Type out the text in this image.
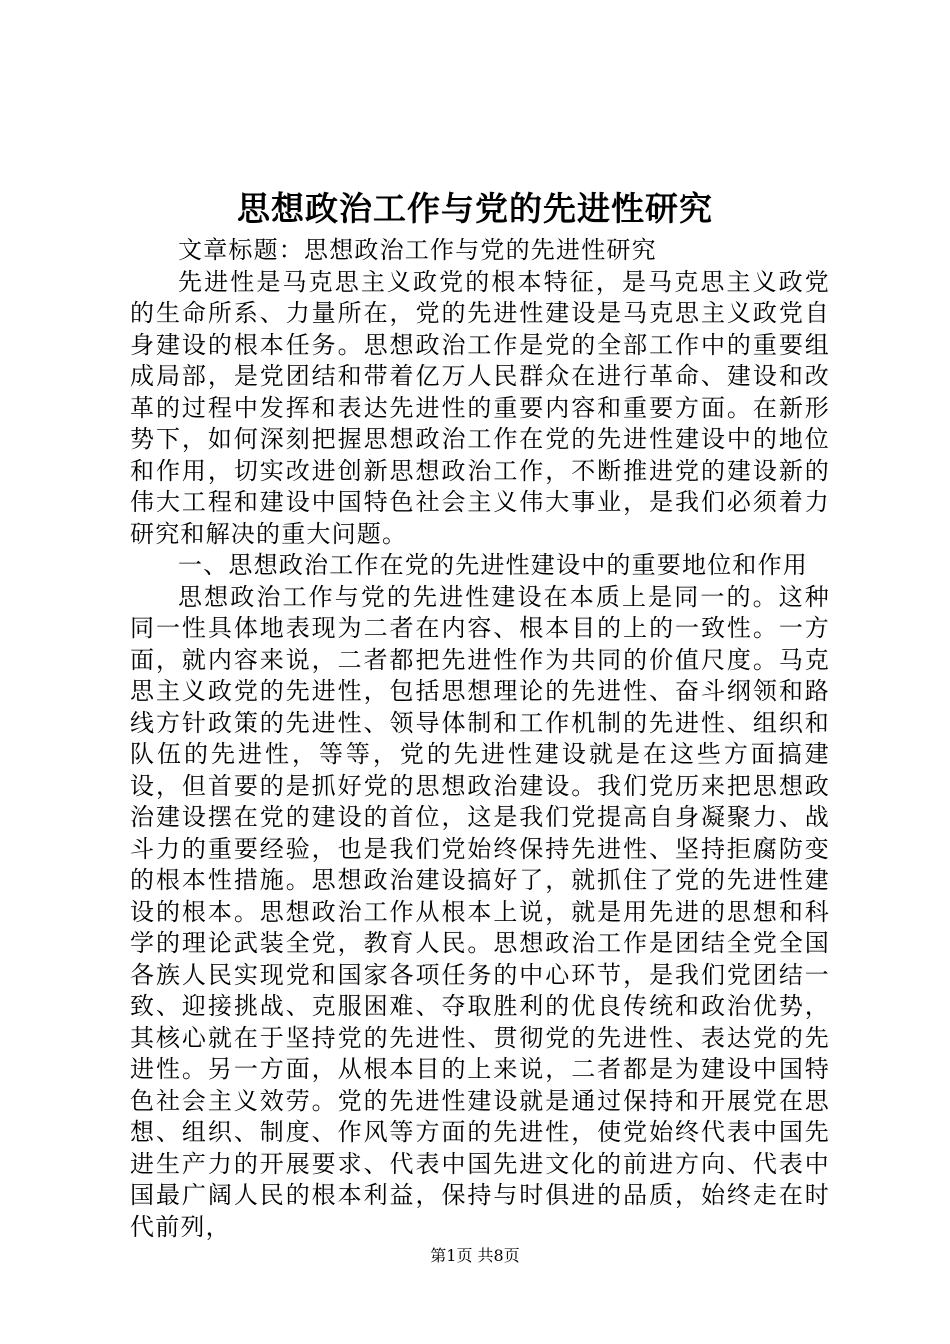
思想政治工作与党的先进性研究

文章标题：思想政治工作与党的先进性研究

先进性是马克思主义政党的根本特征，是马克思主义政党的生命所系、力量所在，党的先进性建设是马克思主义政党自身建设的根本任务。思想政治工作是党的全部工作中的重要组成局部，是党团结和带着亿万人民群众在进行革命、建设和改革的过程中发挥和表达先进性的重要内容和重要方面。在新形势下，如何深刻把握思想政治工作在党的先进性建设中的地位和作用，切实改进创新思想政治工作，不断推进党的建设新的伟大工程和建设中国特色社会主义伟大事业，是我们必须着力研究和解决的重大问题。

一、思想政治工作在党的先进性建设中的重要地位和作用

思想政治工作与党的先进性建设在本质上是同一的。这种同一性具体地表现为二者在内容、根本目的上的一致性。一方面，就内容来说，二者都把先进性作为共同的价值尺度。马克思主义政党的先进性，包括思想理论的先进性、奋斗纲领和路线方针政策的先进性、领导体制和工作机制的先进性、组织和队伍的先进性，等等，党的先进性建设就是在这些方面搞建设，但首要的是抓好党的思想政治建设。我们党历来把思想政治建设摆在党的建设的首位，这是我们党提高自身凝聚力、战斗力的重要经验，也是我们党始终保持先进性、坚持拒腐防变的根本性措施。思想政治建设搞好了，就抓住了党的先进性建设的根本。思想政治工作从根本上说，就是用先进的思想和科学的理论武装全党，教育人民。思想政治工作是团结全党全国各族人民实现党和国家各项任务的中心环节，是我们党团结一致、迎接挑战、克服困难、夺取胜利的优良传统和政治优势，其核心就在于坚持党的先进性、贯彻党的先进性、表达党的先进性。另一方面，从根本目的上来说，二者都是为建设中国特色社会主义效劳。党的先进性建设就是通过保持和开展党在思想、组织、制度、作风等方面的先进性，使党始终代表中国先进生产力的开展要求、代表中国先进文化的前进方向、代表中国最广阔人民的根本利益，保持与时俱进的品质，始终走在时代前列，

第1页 共8页
